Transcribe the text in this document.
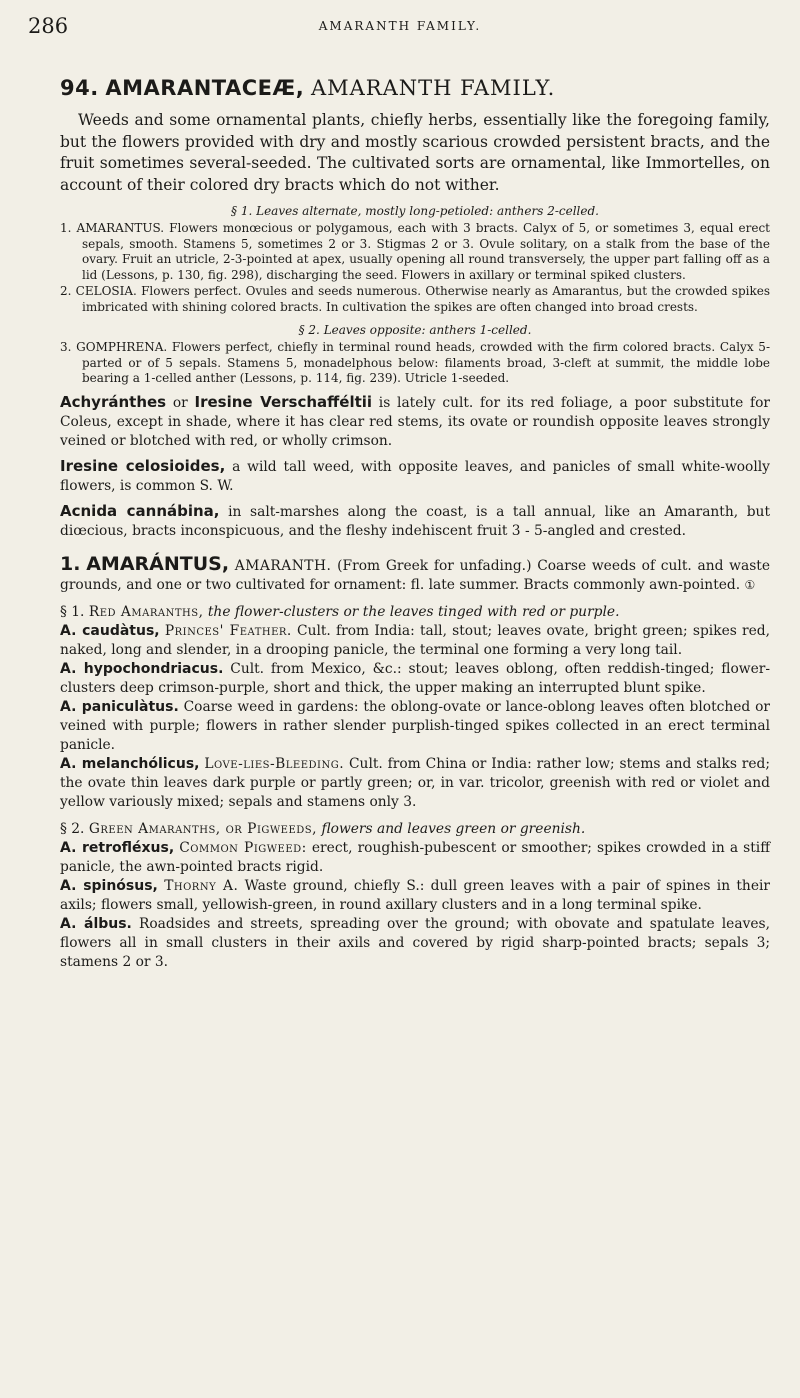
286	AMARANTH FAMILY.

94. AMARANTACEÆ, AMARANTH FAMILY.

Weeds and some ornamental plants, chiefly herbs, essentially like the foregoing family, but the flowers provided with dry and mostly scarious crowded persistent bracts, and the fruit sometimes several-seeded. The cultivated sorts are ornamental, like Immortelles, on account of their colored dry bracts which do not wither.

§ 1. Leaves alternate, mostly long-petioled: anthers 2-celled.

1. AMARANTUS. Flowers monœcious or polygamous, each with 3 bracts. Calyx of 5, or sometimes 3, equal erect sepals, smooth. Stamens 5, sometimes 2 or 3. Stigmas 2 or 3. Ovule solitary, on a stalk from the base of the ovary. Fruit an utricle, 2-3-pointed at apex, usually opening all round transversely, the upper part falling off as a lid (Lessons, p. 130, fig. 298), discharging the seed. Flowers in axillary or terminal spiked clusters.

2. CELOSIA. Flowers perfect. Ovules and seeds numerous. Otherwise nearly as Amarantus, but the crowded spikes imbricated with shining colored bracts. In cultivation the spikes are often changed into broad crests.

§ 2. Leaves opposite: anthers 1-celled.

3. GOMPHRENA. Flowers perfect, chiefly in terminal round heads, crowded with the firm colored bracts. Calyx 5-parted or of 5 sepals. Stamens 5, monadelphous below: filaments broad, 3-cleft at summit, the middle lobe bearing a 1-celled anther (Lessons, p. 114, fig. 239). Utricle 1-seeded.

Achyránthes or Iresine Verschafféltii is lately cult. for its red foliage, a poor substitute for Coleus, except in shade, where it has clear red stems, its ovate or roundish opposite leaves strongly veined or blotched with red, or wholly crimson.

Iresine celosioides, a wild tall weed, with opposite leaves, and panicles of small white-woolly flowers, is common S. W.

Acnida cannábina, in salt-marshes along the coast, is a tall annual, like an Amaranth, but diœcious, bracts inconspicuous, and the fleshy indehiscent fruit 3 - 5-angled and crested.

1. AMARÁNTUS, AMARANTH. (From Greek for unfading.) Coarse weeds of cult. and waste grounds, and one or two cultivated for ornament: fl. late summer. Bracts commonly awn-pointed. ①

§ 1. Red Amaranths, the flower-clusters or the leaves tinged with red or purple.

A. caudàtus, Princes' Feather. Cult. from India: tall, stout; leaves ovate, bright green; spikes red, naked, long and slender, in a drooping panicle, the terminal one forming a very long tail.

A. hypochondriacus. Cult. from Mexico, &c.: stout; leaves oblong, often reddish-tinged; flower-clusters deep crimson-purple, short and thick, the upper making an interrupted blunt spike.

A. paniculàtus. Coarse weed in gardens: the oblong-ovate or lance-oblong leaves often blotched or veined with purple; flowers in rather slender purplish-tinged spikes collected in an erect terminal panicle.

A. melanchólicus, Love-lies-Bleeding. Cult. from China or India: rather low; stems and stalks red; the ovate thin leaves dark purple or partly green; or, in var. tricolor, greenish with red or violet and yellow variously mixed; sepals and stamens only 3.

§ 2. Green Amaranths, or Pigweeds, flowers and leaves green or greenish.

A. retrofléxus, Common Pigweed: erect, roughish-pubescent or smoother; spikes crowded in a stiff panicle, the awn-pointed bracts rigid.

A. spinósus, Thorny A. Waste ground, chiefly S.: dull green leaves with a pair of spines in their axils; flowers small, yellowish-green, in round axillary clusters and in a long terminal spike.

A. álbus. Roadsides and streets, spreading over the ground; with obovate and spatulate leaves, flowers all in small clusters in their axils and covered by rigid sharp-pointed bracts; sepals 3; stamens 2 or 3.
